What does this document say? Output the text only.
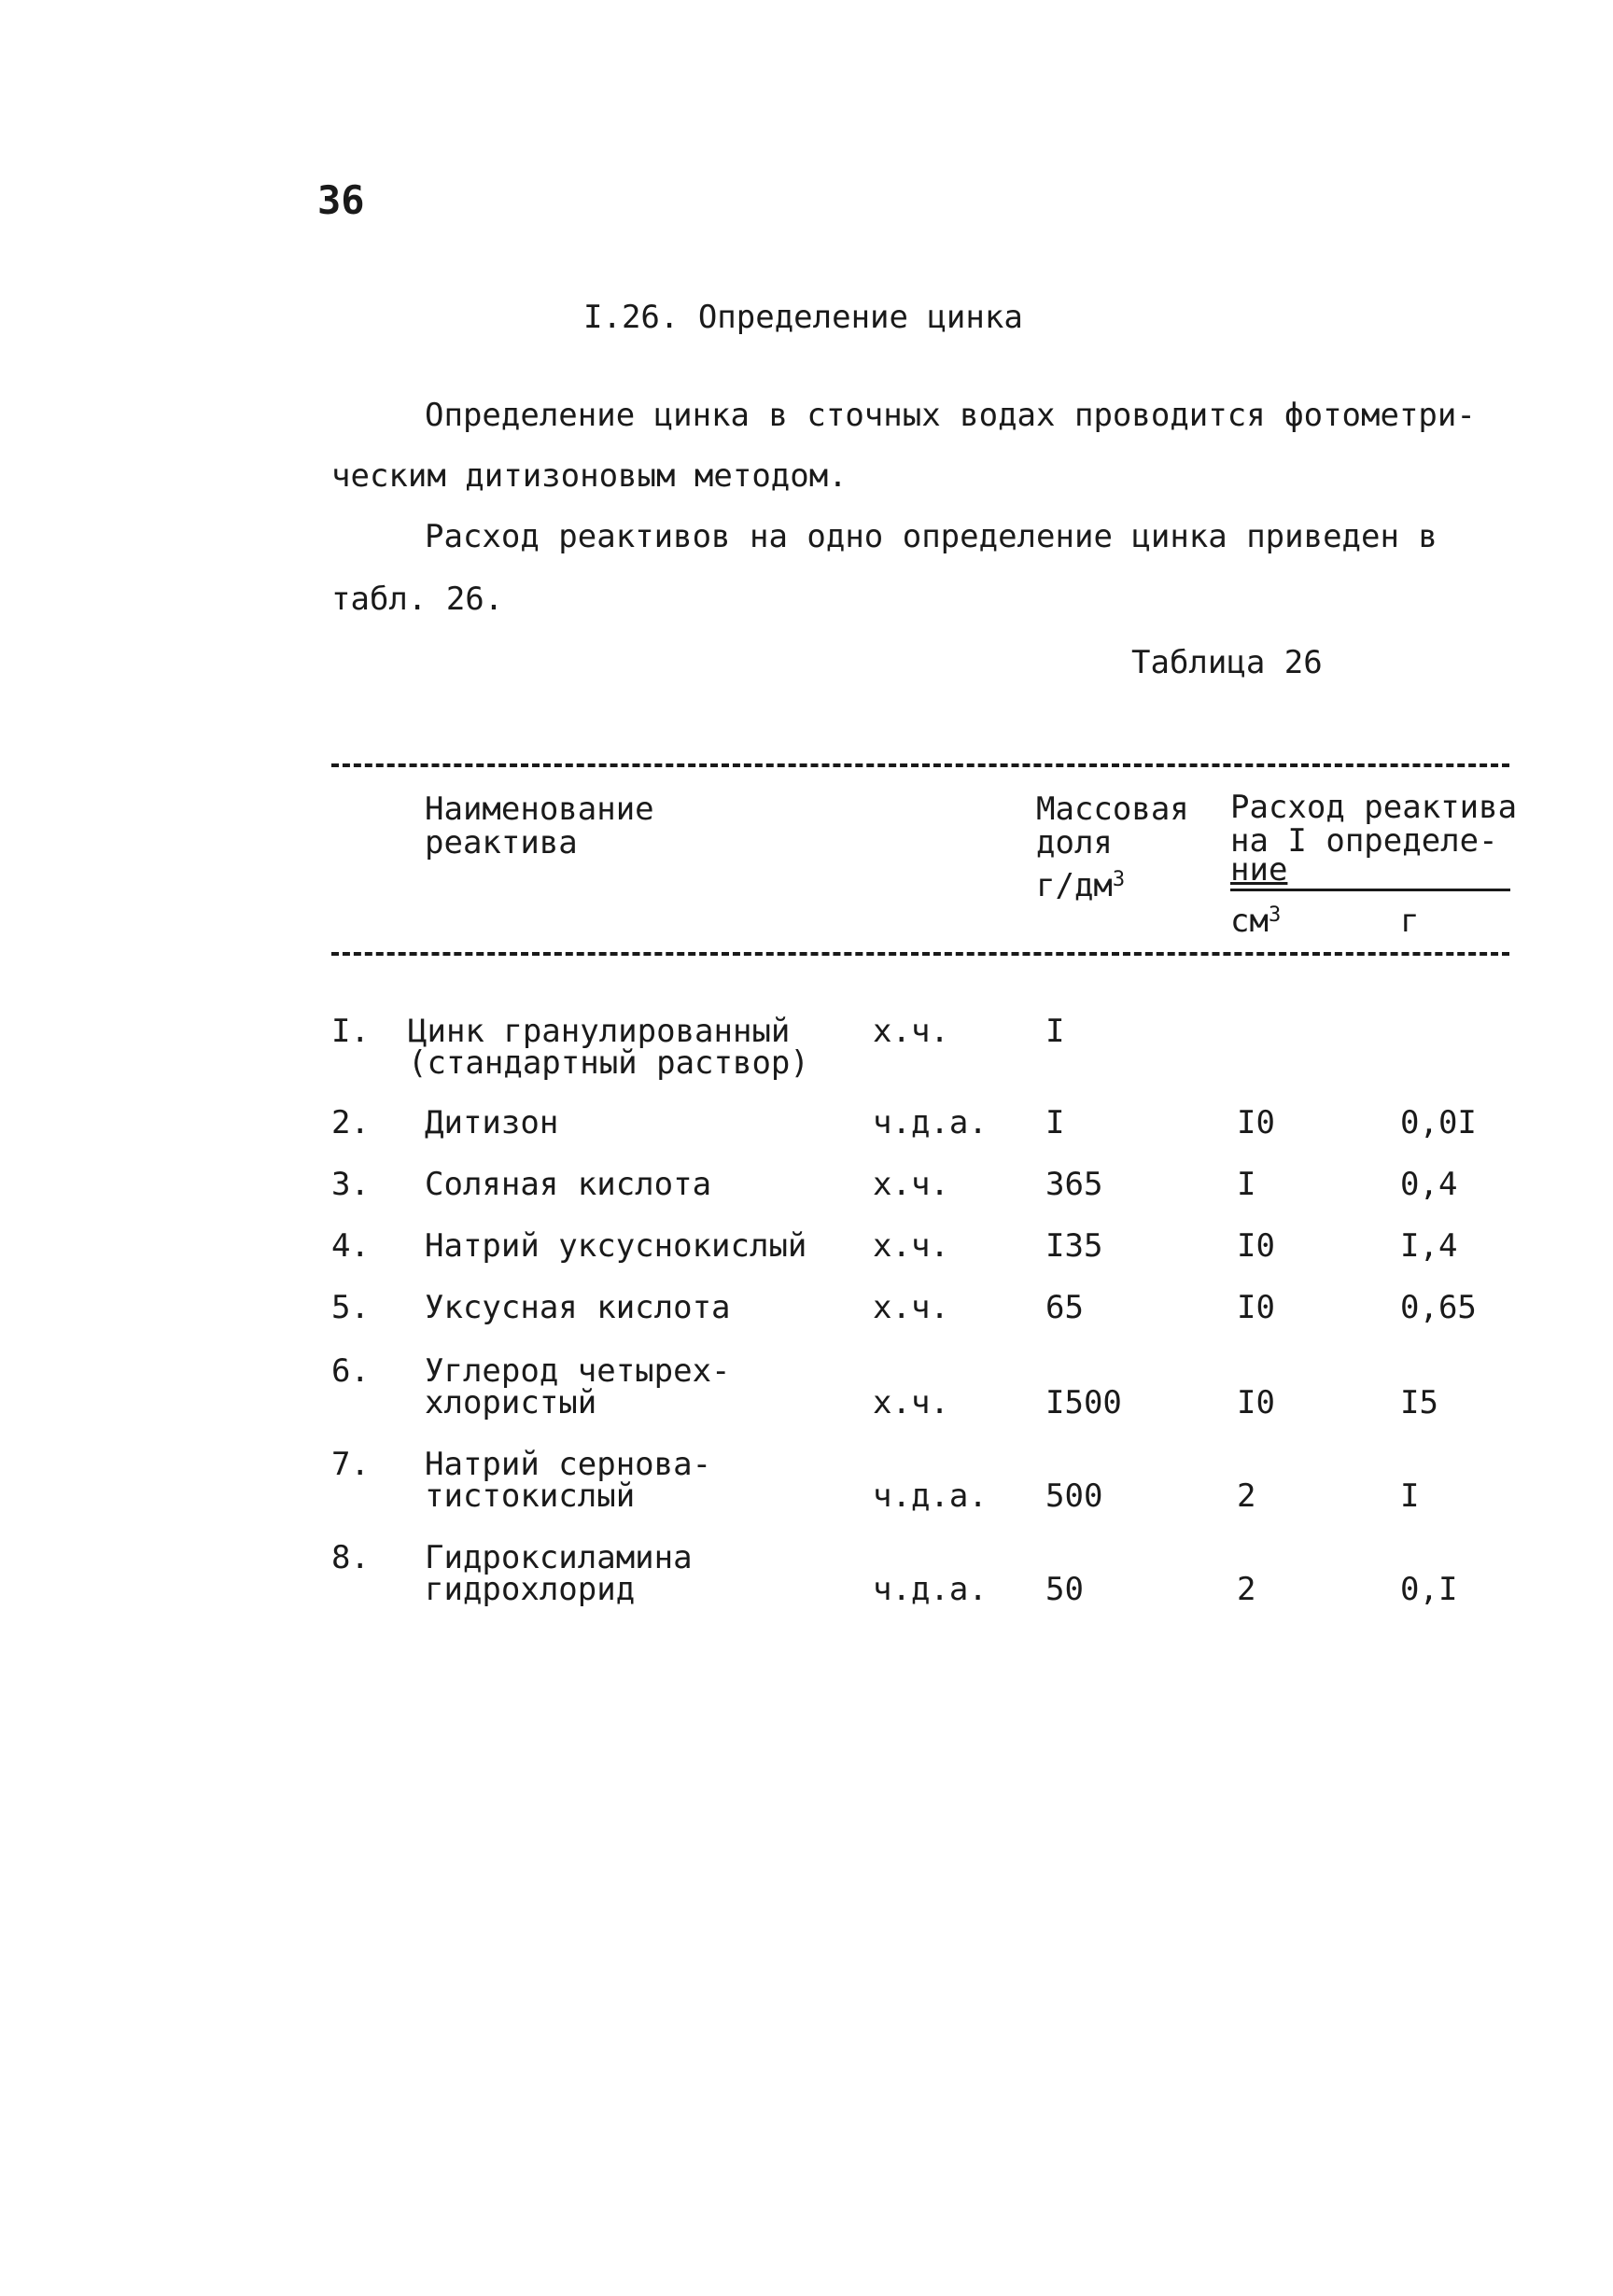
36
I.26. Определение цинка
Определение цинка в сточных водах проводится фотометри-
ческим дитизоновым методом.
Расход реактивов на одно определение цинка приведен в
табл. 26.
Таблица 26
Наименование
реактива
Массовая
доля
$г/дм^3$
Расход реактива
на I определе-
ние
$см^3$	г
I. Цинк гранулированный
(стандартный раствор)
х.ч.	I
2. Дитизон	ч.д.а. I	I0	0,0I
3. Соляная кислота	х.ч.	365	I	0,4
4. Натрий уксуснокислый х.ч.	I35	I0	I,4
5. Уксусная кислота	х.ч.	65	I0	0,65
6. Углерод четырех-
хлористый	х.ч.	I500	I0	I5
7. Натрий сернова-
тистокислый	ч.д.а. 500	2	I
8. Гидроксиламина
гидрохлорид	ч.д.а. 50	2	0,I
